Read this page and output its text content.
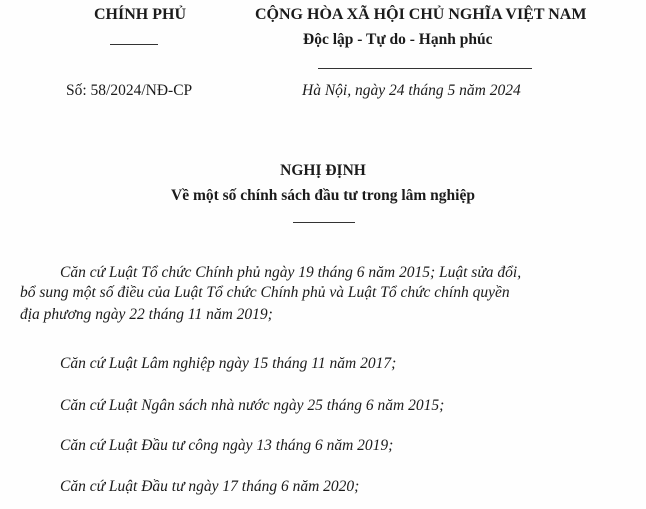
CHÍNH PHỦ	CỘNG HÒA XÃ HỘI CHỦ NGHĨA VIỆT NAM
Độc lập - Tự do - Hạnh phúc
Số: 58/2024/NĐ-CP	Hà Nội, ngày 24 tháng 5 năm 2024
NGHỊ ĐỊNH
Về một số chính sách đầu tư trong lâm nghiệp
Căn cứ Luật Tổ chức Chính phủ ngày 19 tháng 6 năm 2015; Luật sửa đổi,
bổ sung một số điều của Luật Tổ chức Chính phủ và Luật Tổ chức chính quyền
địa phương ngày 22 tháng 11 năm 2019;
Căn cứ Luật Lâm nghiệp ngày 15 tháng 11 năm 2017;
Căn cứ Luật Ngân sách nhà nước ngày 25 tháng 6 năm 2015;
Căn cứ Luật Đầu tư công ngày 13 tháng 6 năm 2019;
Căn cứ Luật Đầu tư ngày 17 tháng 6 năm 2020;
